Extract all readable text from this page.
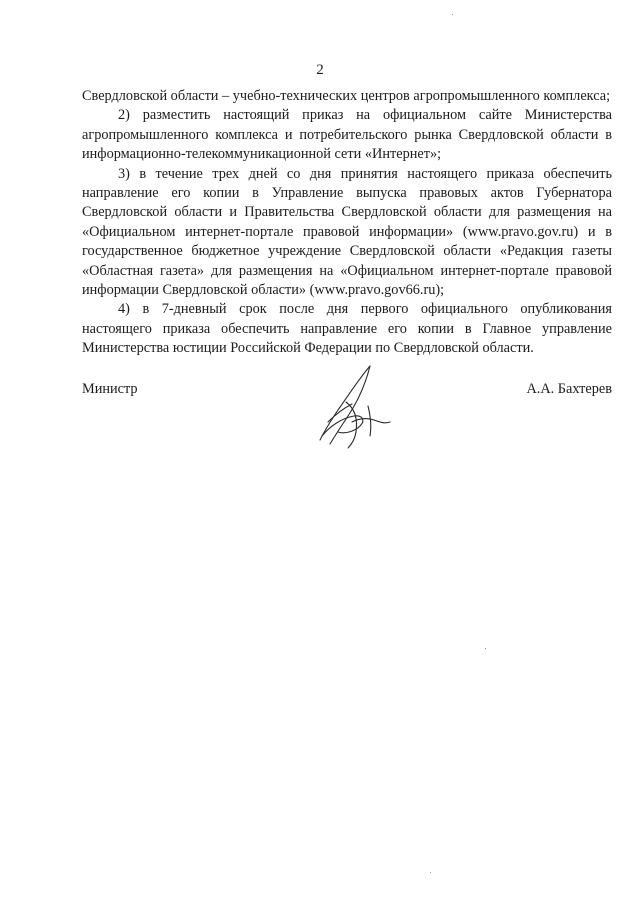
2

Свердловской области – учебно-технических центров агропромышленного комплекса;

2) разместить настоящий приказ на официальном сайте Министерства агропромышленного комплекса и потребительского рынка Свердловской области в информационно-телекоммуникационной сети «Интернет»;

3) в течение трех дней со дня принятия настоящего приказа обеспечить направление его копии в Управление выпуска правовых актов Губернатора Свердловской области и Правительства Свердловской области для размещения на «Официальном интернет-портале правовой информации» (www.pravo.gov.ru) и в государственное бюджетное учреждение Свердловской области «Редакция газеты «Областная газета» для размещения на «Официальном интернет-портале правовой информации Свердловской области» (www.pravo.gov66.ru);

4) в 7-дневный срок после дня первого официального опубликования настоящего приказа обеспечить направление его копии в Главное управление Министерства юстиции Российской Федерации по Свердловской области.

Министр	А.А. Бахтерев
